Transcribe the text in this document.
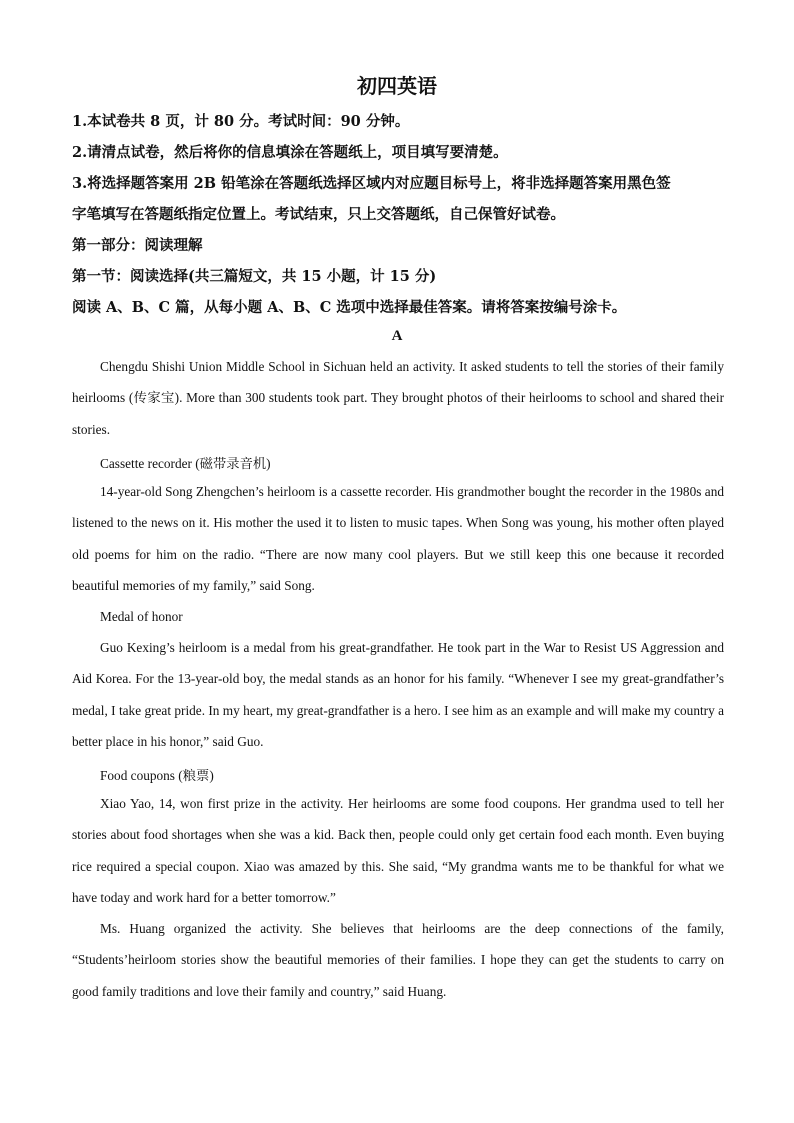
初四英语
1.本试卷共 8 页，计 80 分。考试时间：90 分钟。
2.请清点试卷，然后将你的信息填涂在答题纸上，项目填写要清楚。
3.将选择题答案用 2B 铅笔涂在答题纸选择区域内对应题目标号上，将非选择题答案用黑色签
字笔填写在答题纸指定位置上。考试结束，只上交答题纸，自己保管好试卷。
第一部分：阅读理解
第一节：阅读选择(共三篇短文，共 15 小题，计 15 分)
阅读 A、B、C 篇，从每小题 A、B、C 选项中选择最佳答案。请将答案按编号涂卡。
A

Chengdu Shishi Union Middle School in Sichuan held an activity. It asked students to tell the stories of their family heirlooms (传家宝). More than 300 students took part. They brought photos of their heirlooms to school and shared their stories.

Cassette recorder (磁带录音机)

14-year-old Song Zhengchen’s heirloom is a cassette recorder. His grandmother bought the recorder in the 1980s and listened to the news on it. His mother the used it to listen to music tapes. When Song was young, his mother often played old poems for him on the radio. “There are now many cool players. But we still keep this one because it recorded beautiful memories of my family,” said Song.

Medal of honor

Guo Kexing’s heirloom is a medal from his great-grandfather. He took part in the War to Resist US Aggression and Aid Korea. For the 13-year-old boy, the medal stands as an honor for his family. “Whenever I see my great-grandfather’s medal, I take great pride. In my heart, my great-grandfather is a hero. I see him as an example and will make my country a better place in his honor,” said Guo.

Food coupons (粮票)

Xiao Yao, 14, won first prize in the activity. Her heirlooms are some food coupons. Her grandma used to tell her stories about food shortages when she was a kid. Back then, people could only get certain food each month. Even buying rice required a special coupon. Xiao was amazed by this. She said, “My grandma wants me to be thankful for what we have today and work hard for a better tomorrow.”

Ms. Huang organized the activity. She believes that heirlooms are the deep connections of the family, “Students’heirloom stories show the beautiful memories of their families. I hope they can get the students to carry on good family traditions and love their family and country,” said Huang.
